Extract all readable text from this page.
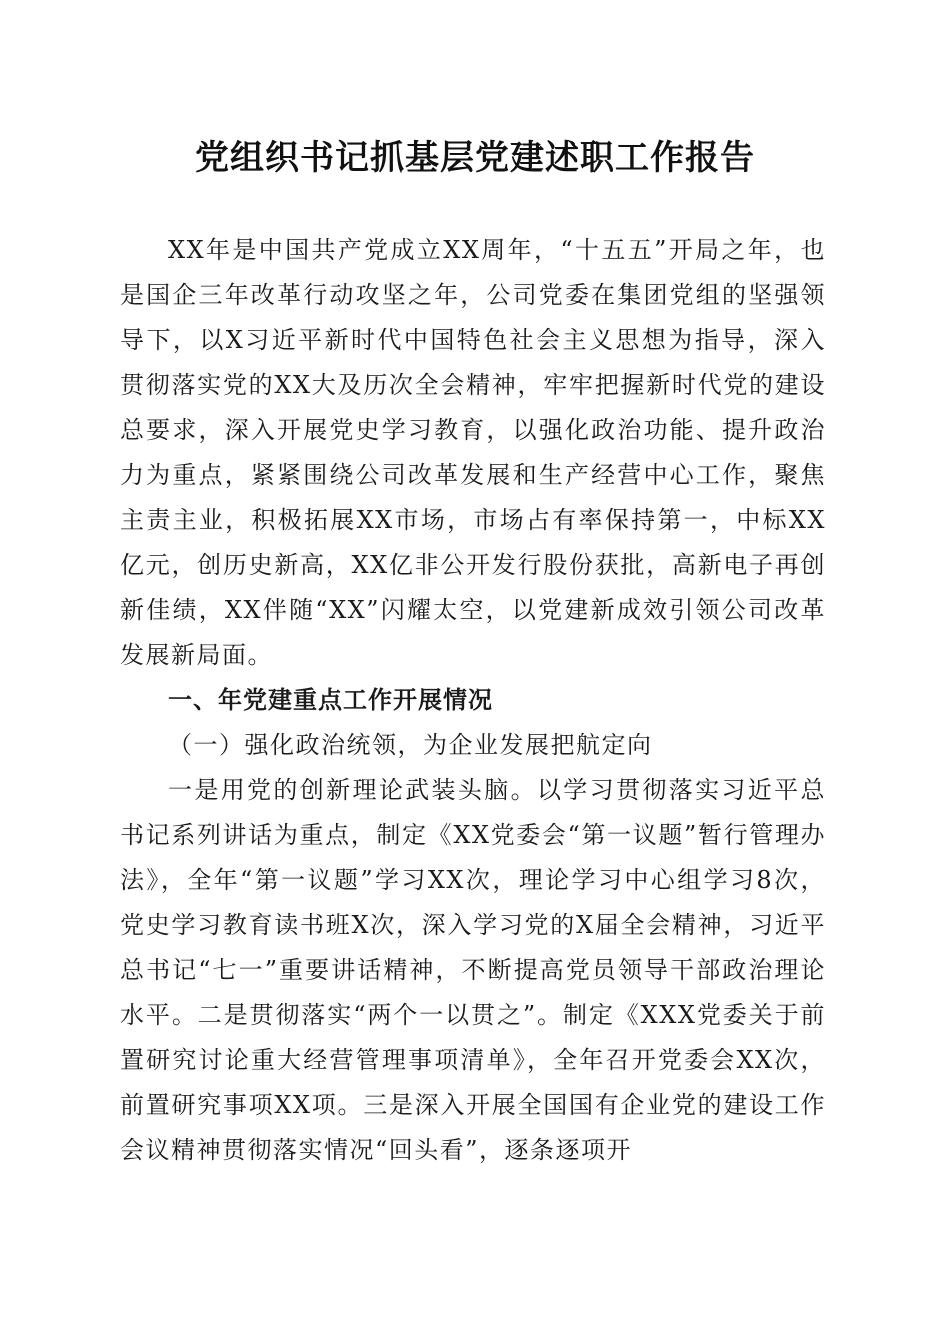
党组织书记抓基层党建述职工作报告

XX年是中国共产党成立XX周年，“十五五”开局之年，也是国企三年改革行动攻坚之年，公司党委在集团党组的坚强领导下，以X习近平新时代中国特色社会主义思想为指导，深入贯彻落实党的XX大及历次全会精神，牢牢把握新时代党的建设总要求，深入开展党史学习教育，以强化政治功能、提升政治力为重点，紧紧围绕公司改革发展和生产经营中心工作，聚焦主责主业，积极拓展XX市场，市场占有率保持第一，中标XX亿元，创历史新高，XX亿非公开发行股份获批，高新电子再创新佳绩，XX伴随“XX”闪耀太空，以党建新成效引领公司改革发展新局面。

一、年党建重点工作开展情况

（一）强化政治统领，为企业发展把航定向

一是用党的创新理论武装头脑。以学习贯彻落实习近平总书记系列讲话为重点，制定《XX党委会“第一议题”暂行管理办法》，全年“第一议题”学习XX次，理论学习中心组学习8次，党史学习教育读书班X次，深入学习党的X届全会精神，习近平总书记“七一”重要讲话精神，不断提高党员领导干部政治理论水平。二是贯彻落实“两个一以贯之”。制定《XXX党委关于前置研究讨论重大经营管理事项清单》，全年召开党委会XX次，前置研究事项XX项。三是深入开展全国国有企业党的建设工作会议精神贯彻落实情况“回头看”，逐条逐项开
